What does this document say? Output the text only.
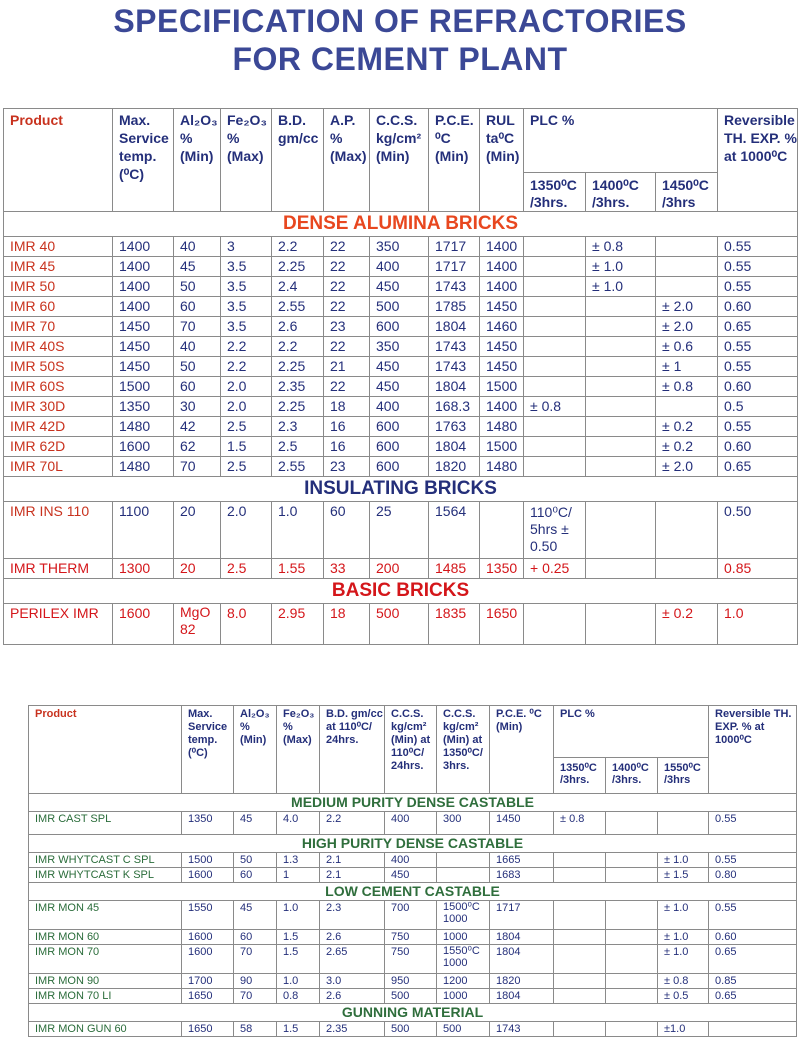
SPECIFICATION OF REFRACTORIES
FOR CEMENT PLANT
Product	Max. Service temp. (⁰C)	Al₂O₃ % (Min)	Fe₂O₃ % (Max)	B.D. gm/cc	A.P. % (Max)	C.C.S. kg/cm² (Min)	P.C.E. ⁰C (Min)	RUL ta⁰C (Min)	PLC %			Reversible TH. EXP. % at 1000⁰C
									1350⁰C /3hrs.	1400⁰C /3hrs.	1450⁰C /3hrs	
DENSE ALUMINA BRICKS												
IMR 40	1400	40	3	2.2	22	350	1717	1400		± 0.8		0.55
IMR 45	1400	45	3.5	2.25	22	400	1717	1400		± 1.0		0.55
IMR 50	1400	50	3.5	2.4	22	450	1743	1400		± 1.0		0.55
IMR 60	1400	60	3.5	2.55	22	500	1785	1450			± 2.0	0.60
IMR 70	1450	70	3.5	2.6	23	600	1804	1460			± 2.0	0.65
IMR 40S	1450	40	2.2	2.2	22	350	1743	1450			± 0.6	0.55
IMR 50S	1450	50	2.2	2.25	21	450	1743	1450			± 1	0.55
IMR 60S	1500	60	2.0	2.35	22	450	1804	1500			± 0.8	0.60
IMR 30D	1350	30	2.0	2.25	18	400	168.3	1400	± 0.8			0.5
IMR 42D	1480	42	2.5	2.3	16	600	1763	1480			± 0.2	0.55
IMR 62D	1600	62	1.5	2.5	16	600	1804	1500			± 0.2	0.60
IMR 70L	1480	70	2.5	2.55	23	600	1820	1480			± 2.0	0.65
INSULATING BRICKS												
IMR INS 110	1100	20	2.0	1.0	60	25	1564		110⁰C/ 5hrs ± 0.50			0.50
IMR THERM	1300	20	2.5	1.55	33	200	1485	1350	+ 0.25			0.85
BASIC BRICKS												
PERILEX IMR	1600	MgO 82	8.0	2.95	18	500	1835	1650			± 0.2	1.0
Product	Max. Service temp. (⁰C)	Al₂O₃ % (Min)	Fe₂O₃ % (Max)	B.D. gm/cc at 110⁰C/ 24hrs.	C.C.S. kg/cm² (Min) at 110⁰C/ 24hrs.	C.C.S. kg/cm² (Min) at 1350⁰C/ 3hrs.	P.C.E. ⁰C (Min)	PLC %			Reversible TH. EXP. % at 1000⁰C
								1350⁰C /3hrs.	1400⁰C /3hrs.	1550⁰C /3hrs	
MEDIUM PURITY DENSE CASTABLE											
IMR CAST SPL	1350	45	4.0	2.2	400	300	1450	± 0.8			0.55
HIGH PURITY DENSE CASTABLE											
IMR WHYTCAST C SPL	1500	50	1.3	2.1	400		1665			± 1.0	0.55
IMR WHYTCAST K SPL	1600	60	1	2.1	450		1683			± 1.5	0.80
LOW CEMENT CASTABLE											
IMR MON 45	1550	45	1.0	2.3	700	1500⁰C 1000	1717			± 1.0	0.55
IMR MON 60	1600	60	1.5	2.6	750	1000	1804			± 1.0	0.60
IMR MON 70	1600	70	1.5	2.65	750	1550⁰C 1000	1804			± 1.0	0.65
IMR MON 90	1700	90	1.0	3.0	950	1200	1820			± 0.8	0.85
IMR MON 70 LI	1650	70	0.8	2.6	500	1000	1804			± 0.5	0.65
GUNNING MATERIAL											
IMR MON GUN 60	1650	58	1.5	2.35	500	500	1743			±1.0	
